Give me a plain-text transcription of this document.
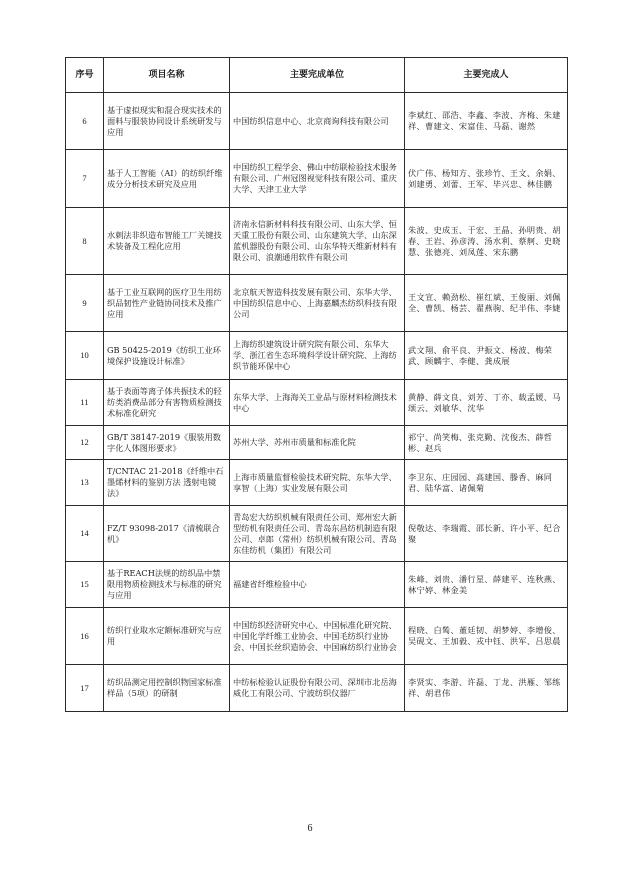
序号	项目名称	主要完成单位	主要完成人
6	基于虚拟现实和混合现实技术的面料与服装协同设计系统研发与应用	中国纺织信息中心、北京商询科技有限公司	李斌红、邵浩、李鑫、李波、齐梅、朱建祥、曹建文、宋富佳、马磊、谢然
7	基于人工智能（AI）的纺织纤维成分分析技术研究及应用	中国纺织工程学会、佛山中纺联检验技术服务有限公司、广州冠图视觉科技有限公司、重庆大学、天津工业大学	伏广伟、杨知方、张珍竹、王文、余娟、刘建勇、刘蕾、王军、毕兴忠、林佳鹏
8	水刺法非织造布智能工厂关键技术装备及工程化应用	济南永信新材料科技有限公司、山东大学、恒天重工股份有限公司、山东建筑大学、山东深蓝机器股份有限公司、山东华特天维新材料有限公司、浪潮通用软件有限公司	朱波、史成玉、于宏、王晶、孙明贵、胡春、王岩、孙彦涛、汤水利、蔡舸、史晓慧、张德亮、刘凤莲、宋东鹏
9	基于工业互联网的医疗卫生用纺织品韧性产业链协同技术及推广应用	北京航天智造科技发展有限公司、东华大学、中国纺织信息中心、上海嘉麟杰纺织科技有限公司	王文宣、赖劲松、崔红斌、王俊丽、刘佩全、曹凯、杨芸、翟燕驹、纪半伟、李婕
10	GB 50425-2019《纺织工业环境保护设施设计标准》	上海纺织建筑设计研究院有限公司、东华大学、浙江省生态环境科学设计研究院、上海纺织节能环保中心	武文翔、俞平良、尹振文、杨波、梅荣武、顾麟宇、李健、龚成展
11	基于表面等离子体共振技术的轻纺类消费品部分有害物质检测技术标准化研究	东华大学、上海海关工业品与原材料检测技术中心	黄静、薛文良、刘芳、丁亦、载孟媛、马颂云、刘敏华、沈华
12	GB/T 38147-2019《服装用数字化人体图形要求》	苏州大学、苏州市质量和标准化院	祁宁、尚笑梅、张克勤、沈俊杰、薛哲彬、赵兵
13	T/CNTAC 21-2018《纤维中石墨烯材料的鉴别方法 透射电镜法》	上海市质量监督检验技术研究院、东华大学、享智（上海）实业发展有限公司	李卫东、庄园园、高建国、滕香、麻同君、陆华富、诸佩菊
14	FZ/T 93098-2017《清梳联合机》	青岛宏大纺织机械有限责任公司、郑州宏大新型纺机有限责任公司、青岛东昌纺机制造有限公司、卓郎（常州）纺织机械有限公司、青岛东佳纺机（集团）有限公司	倪敬达、李瑞霞、邵长新、许小平、纪合聚
15	基于REACH法规的纺织品中禁限用物质检测技术与标准的研究与应用	福建省纤维检验中心	朱峰、刘贵、潘行星、薛建平、连秋燕、林宁婷、林金美
16	纺织行业取水定额标准研究与应用	中国纺织经济研究中心、中国标准化研究院、中国化学纤维工业协会、中国毛纺织行业协会、中国长丝织造协会、中国麻纺织行业协会	程晓、白鸶、董廷韧、胡梦婷、李增俊、吴砚文、王加毅、戎中钰、洪军、吕思晨
17	纺织品测定用控制织物国家标准样品（5项）的研制	中纺标检验认证股份有限公司、深圳市北岳海威化工有限公司、宁波纺织仪器厂	李贤实、李游、许磊、丁龙、洪雁、邹练祥、胡君伟
6
